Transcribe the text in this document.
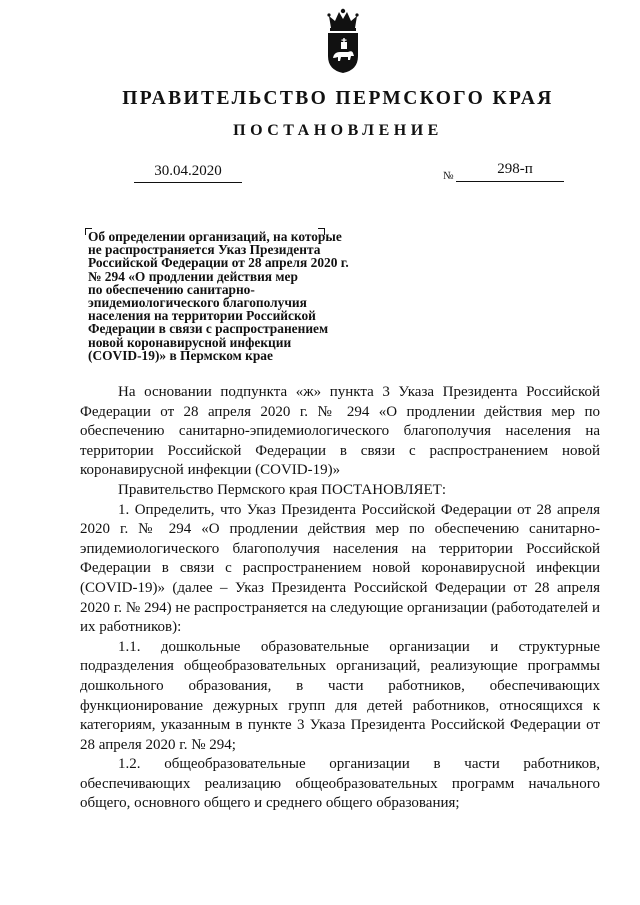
ПРАВИТЕЛЬСТВО ПЕРМСКОГО КРАЯ
ПОСТАНОВЛЕНИЕ
30.04.2020	№	298-п
Об определении организаций, на которые
не распространяется Указ Президента
Российской Федерации от 28 апреля 2020 г.
№ 294 «О продлении действия мер
по обеспечению санитарно-
эпидемиологического благополучия
населения на территории Российской
Федерации в связи с распространением
новой коронавирусной инфекции
(COVID-19)» в Пермском крае

На основании подпункта «ж» пункта 3 Указа Президента Российской Федерации от 28 апреля 2020 г. № 294 «О продлении действия мер по обеспечению санитарно-эпидемиологического благополучия населения на территории Российской Федерации в связи с распространением новой коронавирусной инфекции (COVID-19)»

Правительство Пермского края ПОСТАНОВЛЯЕТ:

1. Определить, что Указ Президента Российской Федерации от 28 апреля 2020 г. № 294 «О продлении действия мер по обеспечению санитарно-эпидемиологического благополучия населения на территории Российской Федерации в связи с распространением новой коронавирусной инфекции (COVID-19)» (далее – Указ Президента Российской Федерации от 28 апреля 2020 г. № 294) не распространяется на следующие организации (работодателей и их работников):

1.1. дошкольные образовательные организации и структурные подразделения общеобразовательных организаций, реализующие программы дошкольного образования, в части работников, обеспечивающих функционирование дежурных групп для детей работников, относящихся к категориям, указанным в пункте 3 Указа Президента Российской Федерации от 28 апреля 2020 г. № 294;

1.2. общеобразовательные организации в части работников, обеспечивающих реализацию общеобразовательных программ начального общего, основного общего и среднего общего образования;
